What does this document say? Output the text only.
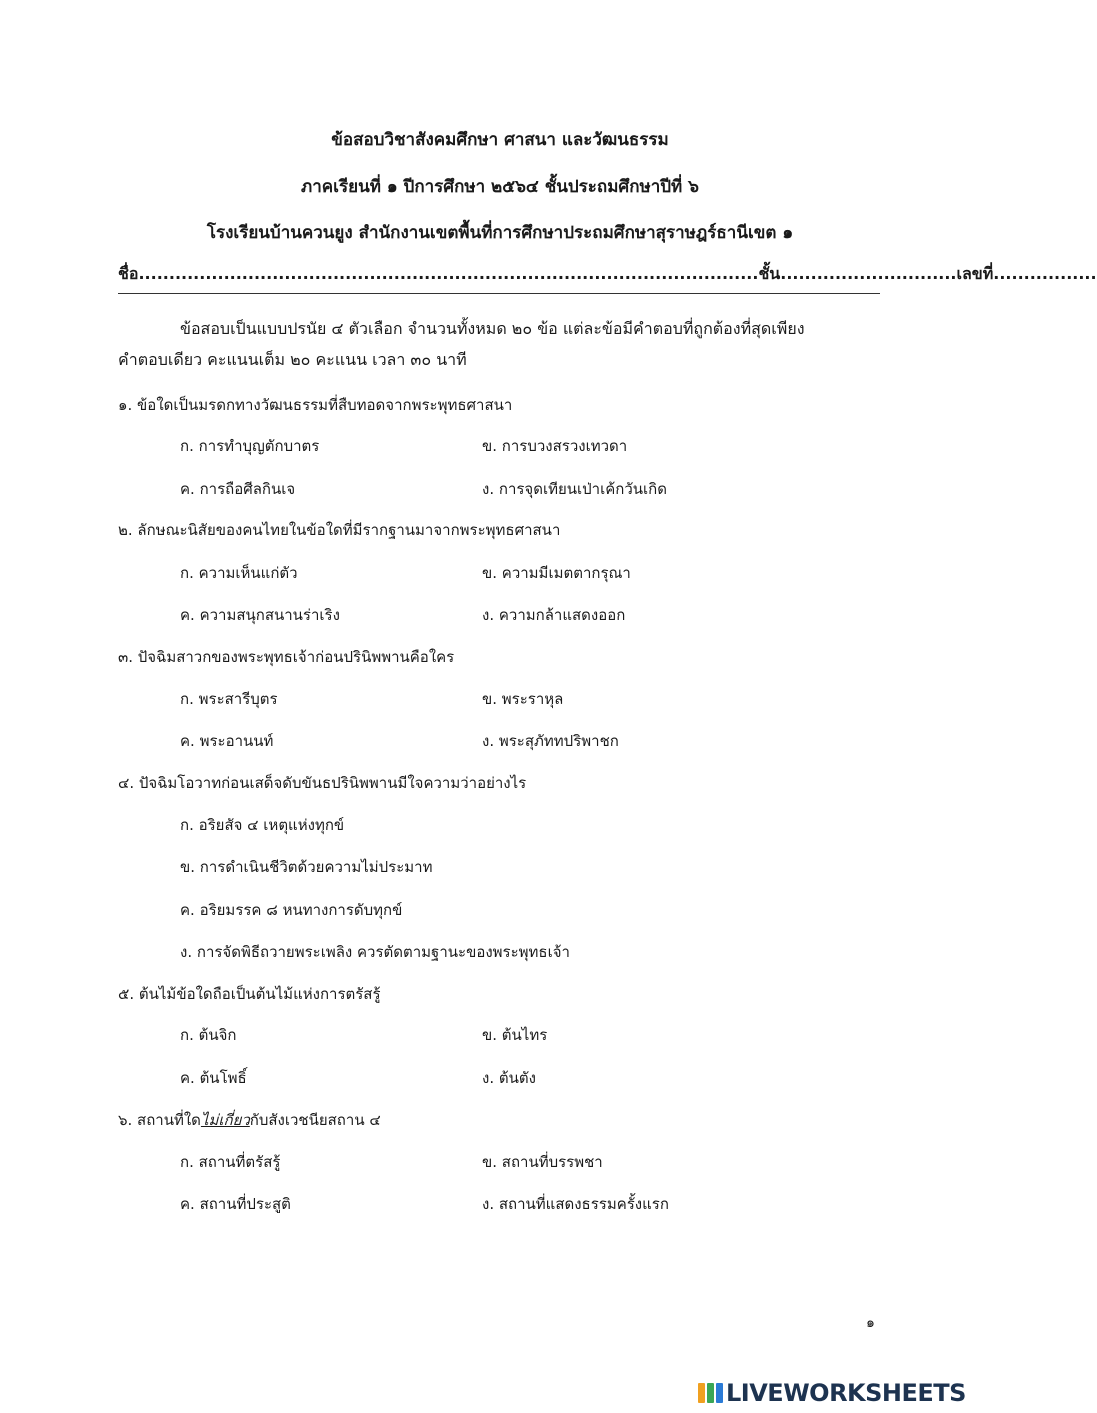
ข้อสอบวิชาสังคมศึกษา ศาสนา และวัฒนธรรม
ภาคเรียนที่ ๑ ปีการศึกษา ๒๕๖๔ ชั้นประถมศึกษาปีที่ ๖
โรงเรียนบ้านควนยูง สำนักงานเขตพื้นที่การศึกษาประถมศึกษาสุราษฎร์ธานีเขต ๑
ชื่อ......................................................................................................ชั้น.............................เลขที่.................
ข้อสอบเป็นแบบปรนัย ๔ ตัวเลือก จำนวนทั้งหมด ๒๐ ข้อ แต่ละข้อมีคำตอบที่ถูกต้องที่สุดเพียง
คำตอบเดียว คะแนนเต็ม ๒๐ คะแนน เวลา ๓๐ นาที
๑. ข้อใดเป็นมรดกทางวัฒนธรรมที่สืบทอดจากพระพุทธศาสนา
ก. การทำบุญตักบาตร	ข. การบวงสรวงเทวดา
ค. การถือศีลกินเจ	ง. การจุดเทียนเป่าเค้กวันเกิด
๒. ลักษณะนิสัยของคนไทยในข้อใดที่มีรากฐานมาจากพระพุทธศาสนา
ก. ความเห็นแก่ตัว	ข. ความมีเมตตากรุณา
ค. ความสนุกสนานร่าเริง	ง. ความกล้าแสดงออก
๓. ปัจฉิมสาวกของพระพุทธเจ้าก่อนปรินิพพานคือใคร
ก. พระสารีบุตร	ข. พระราหุล
ค. พระอานนท์	ง. พระสุภัททปริพาชก
๔. ปัจฉิมโอวาทก่อนเสด็จดับขันธปรินิพพานมีใจความว่าอย่างไร
ก. อริยสัจ ๔ เหตุแห่งทุกข์
ข. การดำเนินชีวิตด้วยความไม่ประมาท
ค. อริยมรรค ๘ หนทางการดับทุกข์
ง. การจัดพิธีถวายพระเพลิง ควรตัดตามฐานะของพระพุทธเจ้า
๕. ต้นไม้ข้อใดถือเป็นต้นไม้แห่งการตรัสรู้
ก. ต้นจิก	ข. ต้นไทร
ค. ต้นโพธิ์	ง. ต้นตัง
๖. สถานที่ใดไม่เกี่ยวกับสังเวชนียสถาน ๔
ก. สถานที่ตรัสรู้	ข. สถานที่บรรพชา
ค. สถานที่ประสูติ	ง. สถานที่แสดงธรรมครั้งแรก
๑
LIVEWORKSHEETS
